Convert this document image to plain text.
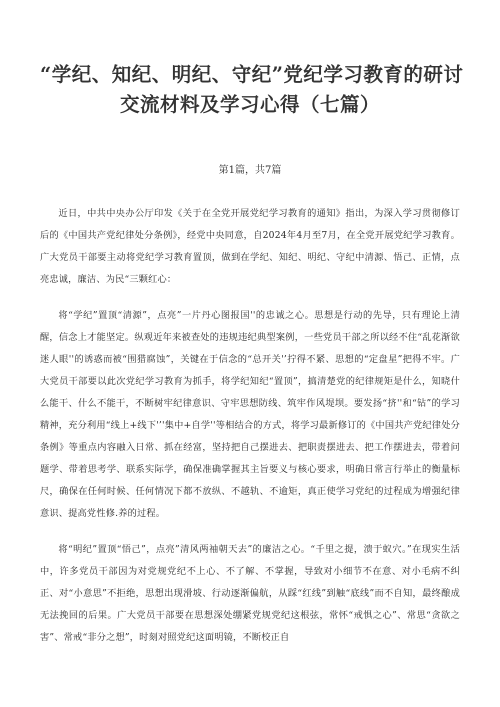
“学纪、知纪、明纪、守纪”党纪学习教育的研讨
交流材料及学习心得（七篇）
第1篇，共7篇

近日，中共中央办公厅印发《关于在全党开展党纪学习教育的通知》指出，为深入学习贯彻修订后的《中国共产党纪律处分条例》，经党中央同意，自2024年4月至7月，在全党开展党纪学习教育。广大党员干部要主动将党纪学习教育置顶，做到在学纪、知纪、明纪、守纪中清源、悟己、正情，点亮忠诚，廉洁、为民“三颗红心：

将“学纪”置顶“清源”，点亮”一片丹心图报国''的忠诚之心。思想是行动的先导，只有理论上清醒，信念上才能坚定。纵观近年来被查处的违规违纪典型案例，一些党员干部之所以经不住“乱花渐欲迷人眼''的诱惑而被“围猎腐蚀”，关键在于信念的“总开关'’拧得不紧、思想的“定盘星”把得不牢。广大党员干部要以此次党纪学习教育为抓手，将学纪知纪“置顶”，搞清楚党的纪律规矩是什么，知晓什么能干、什么不能干，不断树牢纪律意识、守牢思想防线、筑牢作风堤坝。要发扬“挤''和“钻”的学习精神，充分利用“线上+线下'’'集中+自学''等相结合的方式，将学习最新修订的《中国共产党纪律处分条例》等重点内容融入日常、抓在经富，坚持把自己摆进去、把职责摆进去、把工作摆进去，带着问题学、带着思考学、联系实际学，确保准确掌握其主旨要义与核心要求，明确日常言行举止的衡量标尺，确保在任何时候、任何情况下都不放纵、不越轨、不逾矩，真正使学习党纪的过程成为增强纪律意识、提高党性修.养的过程。

将“明纪”置顶“悟己”，点亮”清风两袖朝天去”的廉洁之心。“千里之提，溃于蚁穴。”在现实生活中，许多党员干部因为对党规党纪不上心、不了解、不掌握，导致对小细节不在意、对小毛病不纠正、对“小意思”不拒绝，思想出现滑坡、行动逐渐偏航，从踩“红线”到触“底线”而不自知，最终酿成无法挽回的后果。广大党员干部要在思想深处绷紧党规党纪这根弦，常怀“戒惧之心”、常思“贪欲之害”、常戒“非分之想”，时刻对照党纪这面明镜，不断校正自
